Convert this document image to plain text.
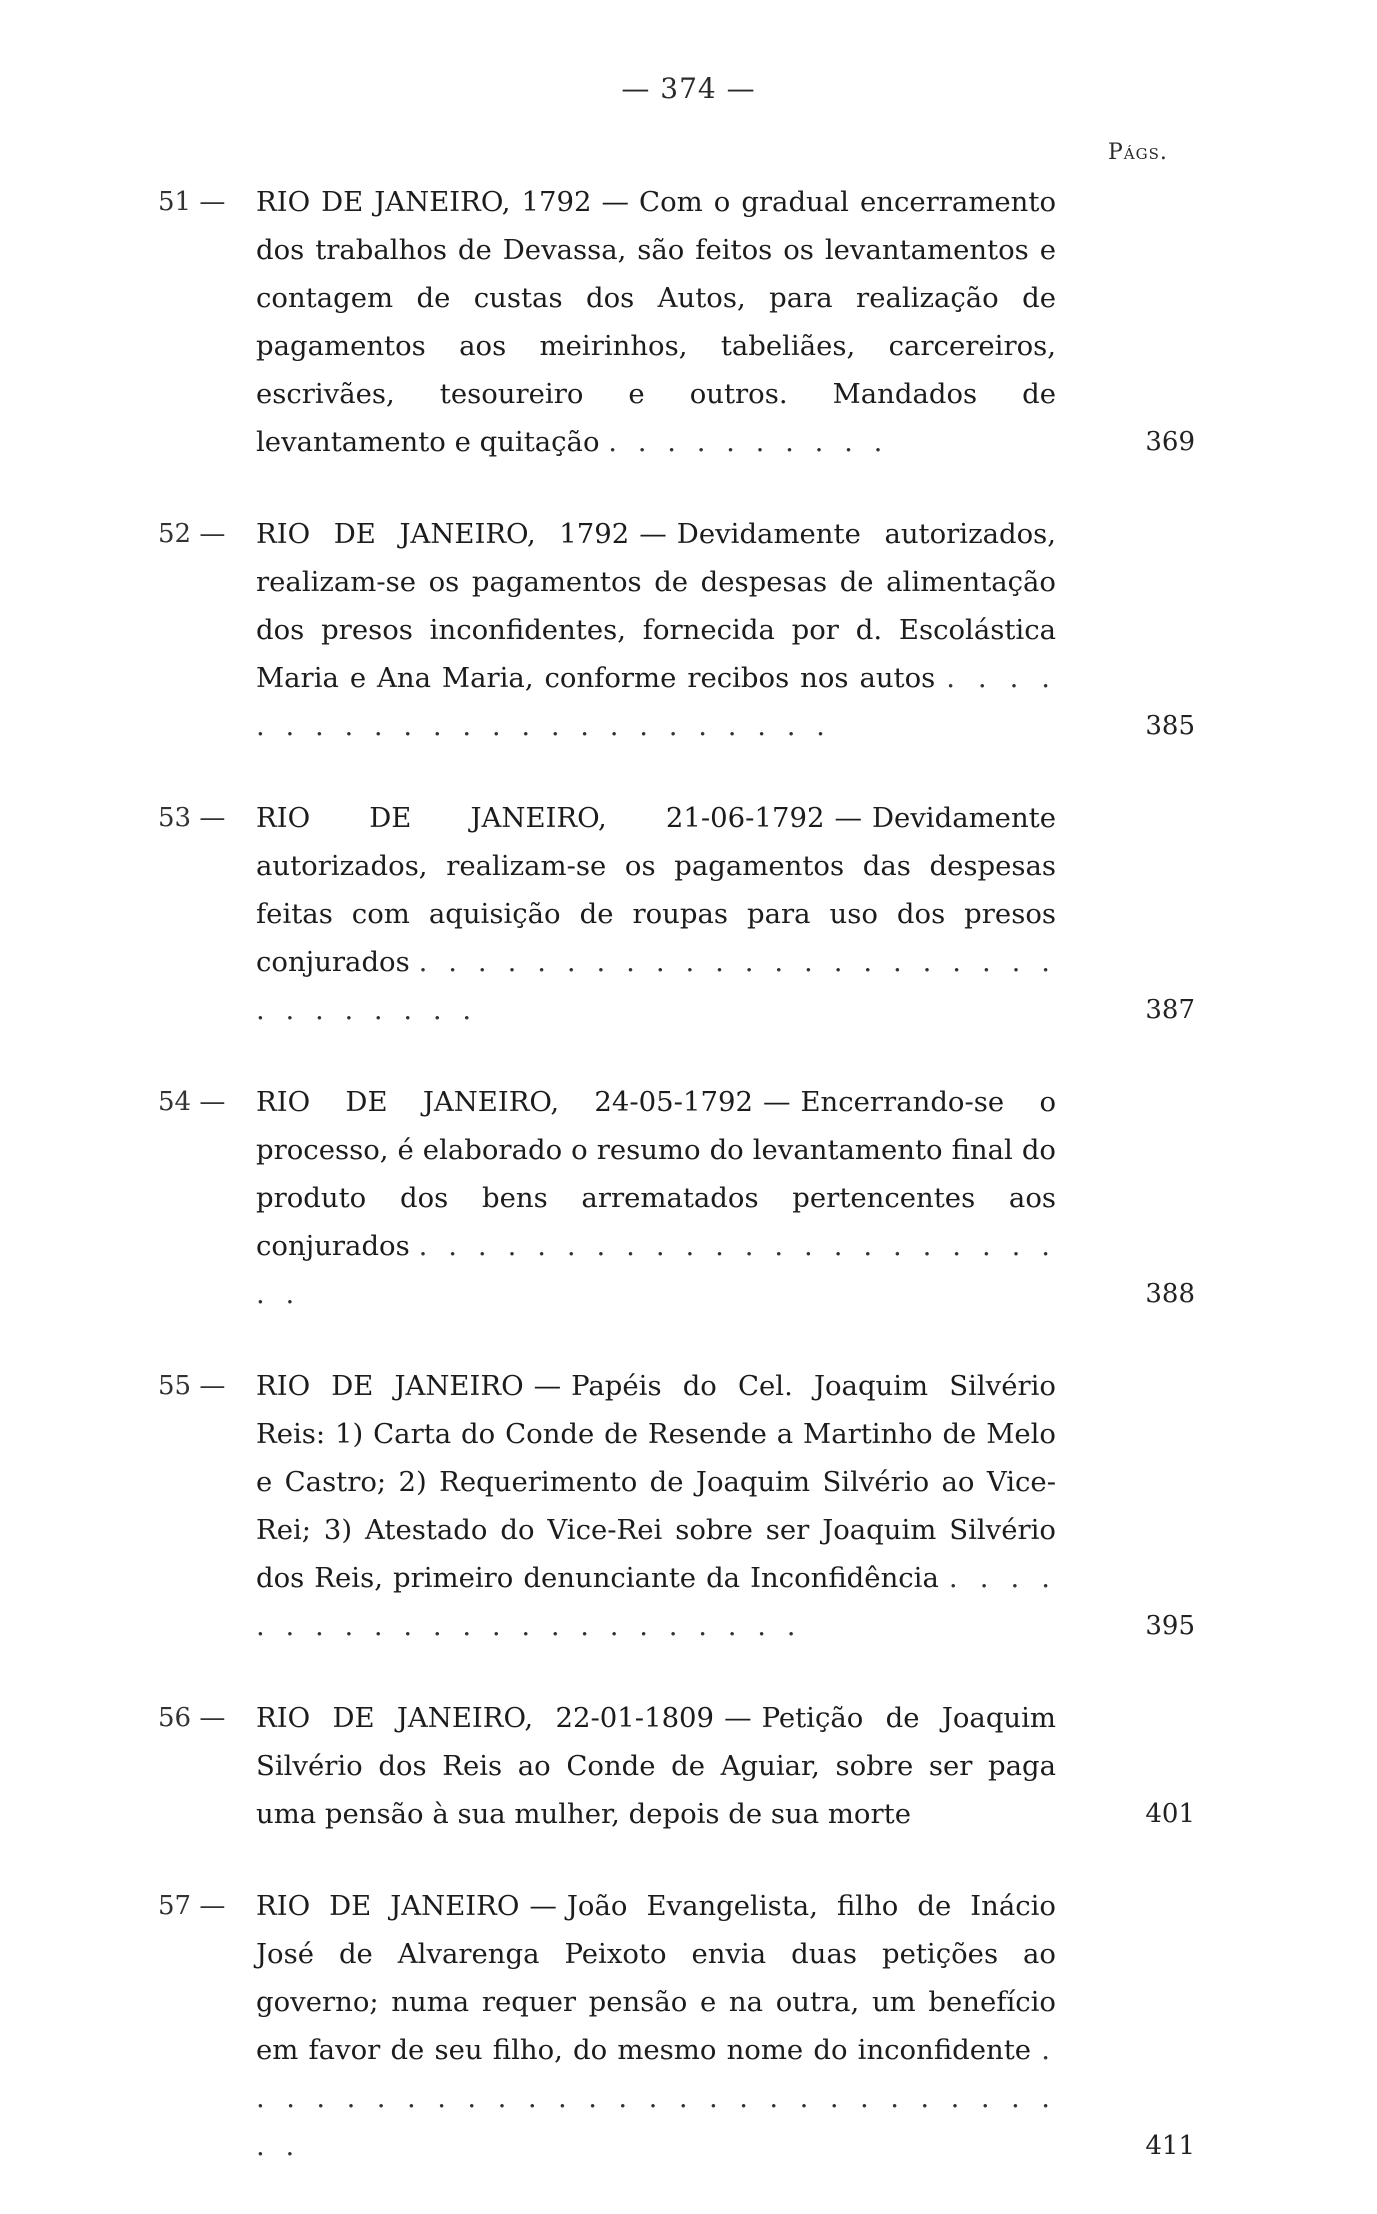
— 374 —
Págs.
51 — RIO DE JANEIRO, 1792 — Com o gradual encerramento dos trabalhos de Devassa, são feitos os levantamentos e contagem de custas dos Autos, para realização de pagamentos aos meirinhos, tabeliães, carcereiros, escrivães, tesoureiro e outros. Mandados de levantamento e quitação . . . . . . . . . .	369
52 — RIO DE JANEIRO, 1792 — Devidamente autorizados, realizam-se os pagamentos de despesas de alimentação dos presos inconfidentes, fornecida por d. Escolástica Maria e Ana Maria, conforme recibos nos autos . . . . . . . . . . . . . . . . . . . . . . . .	385
53 — RIO DE JANEIRO, 21-06-1792 — Devidamente autorizados, realizam-se os pagamentos das despesas feitas com aquisição de roupas para uso dos presos conjurados . . . . . . . . . . . . . . . . . . . . . . . . . . . . . .	387
54 — RIO DE JANEIRO, 24-05-1792 — Encerrando-se o processo, é elaborado o resumo do levantamento final do produto dos bens arrematados pertencentes aos conjurados . . . . . . . . . . . . . . . . . . . . . . . .	388
55 — RIO DE JANEIRO — Papéis do Cel. Joaquim Silvério Reis: 1) Carta do Conde de Resende a Martinho de Melo e Castro; 2) Requerimento de Joaquim Silvério ao Vice-Rei; 3) Atestado do Vice-Rei sobre ser Joaquim Silvério dos Reis, primeiro denunciante da Inconfidência . . . . . . . . . . . . . . . . . . . . . . .	395
56 — RIO DE JANEIRO, 22-01-1809 — Petição de Joaquim Silvério dos Reis ao Conde de Aguiar, sobre ser paga uma pensão à sua mulher, depois de sua morte	401
57 — RIO DE JANEIRO — João Evangelista, filho de Inácio José de Alvarenga Peixoto envia duas petições ao governo; numa requer pensão e na outra, um benefício em favor de seu filho, do mesmo nome do inconfidente . . . . . . . . . . . . . . . . . . . . . . . . . . . . . .	411
